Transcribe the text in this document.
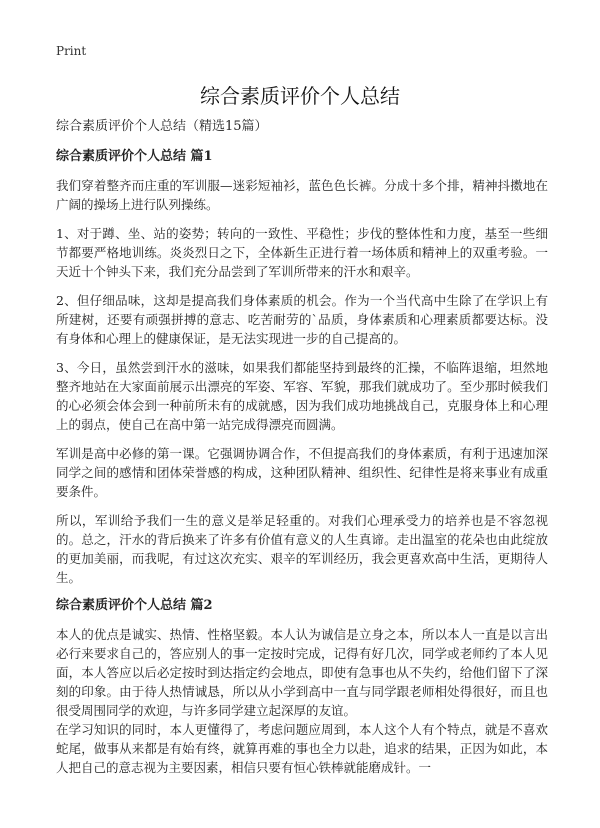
Print
综合素质评价个人总结
综合素质评价个人总结（精选15篇）
综合素质评价个人总结 篇1
我们穿着整齐而庄重的军训服—迷彩短袖衫，蓝色色长裤。分成十多个排，精神抖擞地在广阔的操场上进行队列操练。
1、对于蹲、坐、站的姿势；转向的一致性、平稳性；步伐的整体性和力度，基至一些细节都要严格地训练。炎炎烈日之下，全体新生正进行着一场体质和精神上的双重考验。一天近十个钟头下来，我们充分品尝到了军训所带来的汗水和艰辛。
2、但仔细品味，这却是提高我们身体素质的机会。作为一个当代高中生除了在学识上有所建树，还要有顽强拼搏的意志、吃苦耐劳的`品质，身体素质和心理素质都要达标。没有身体和心理上的健康保证，是无法实现进一步的自己提高的。
3、今日，虽然尝到汗水的滋味，如果我们都能坚持到最终的汇操，不临阵退缩，坦然地整齐地站在大家面前展示出漂亮的军姿、军容、军貌，那我们就成功了。至少那时候我们的心必须会体会到一种前所未有的成就感，因为我们成功地挑战自己，克服身体上和心理上的弱点，使自己在高中第一站完成得漂亮而圆满。
军训是高中必修的第一课。它强调协调合作，不但提高我们的身体素质，有利于迅速加深同学之间的感情和团体荣誉感的构成，这种团队精神、组织性、纪律性是将来事业有成重要条件。
所以，军训给予我们一生的意义是举足轻重的。对我们心理承受力的培养也是不容忽视的。总之，汗水的背后换来了许多有价值有意义的人生真谛。走出温室的花朵也由此绽放的更加美丽，而我呢，有过这次充实、艰辛的军训经历，我会更喜欢高中生活，更期待人生。
综合素质评价个人总结 篇2
本人的优点是诚实、热情、性格坚毅。本人认为诚信是立身之本，所以本人一直是以言出必行来要求自己的，答应别人的事一定按时完成，记得有好几次，同学或老师约了本人见面，本人答应以后必定按时到达指定约会地点，即使有急事也从不失约，给他们留下了深刻的印象。由于待人热情诚恳，所以从小学到高中一直与同学跟老师相处得很好，而且也很受周围同学的欢迎，与许多同学建立起深厚的友谊。
在学习知识的同时，本人更懂得了，考虑问题应周到，本人这个人有个特点，就是不喜欢蛇尾，做事从来都是有始有终，就算再难的事也全力以赴，追求的结果，正因为如此，本人把自己的意志视为主要因素，相信只要有恒心铁棒就能磨成针。一
